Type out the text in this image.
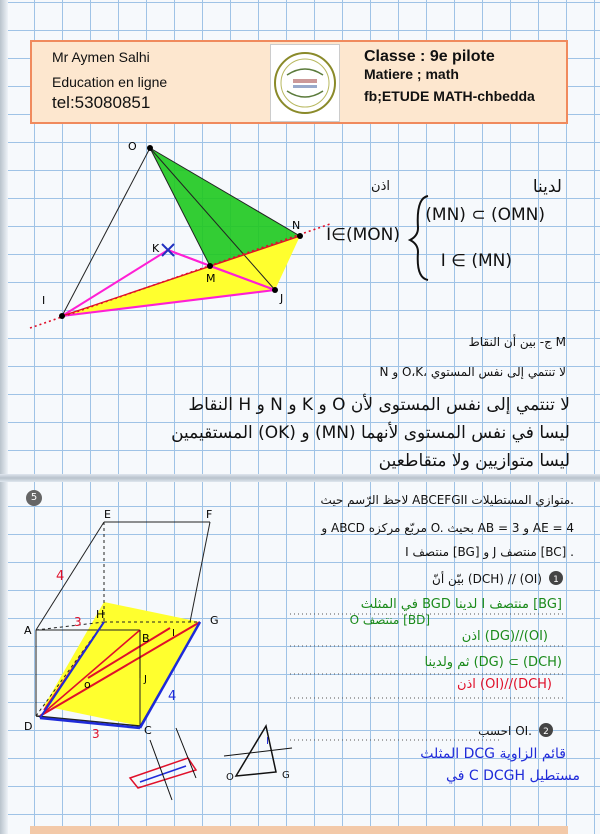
Mr Aymen Salhi
Education en ligne
tel:53080851
Classe : 9e pilote
Matiere ; math
fb;ETUDE MATH-chbedda
O
N
K
M
I	J
لدينا
(MN) ⊂ (OMN)
I ∈ (MN)
اذن
I∈(MON)
ج- بين أن النقاط M
N و O،K، لا تنتمي إلى نفس المستوي
النقاط H و N و K و O لا تنتمي إلى نفس المستوى لأن
المستقيمين (OK) و (MN) ليسا في نفس المستوى لأنهما
ليسا متوازيين ولا متقاطعين
5	لاحظ الرّسم حيث ABCEFGII متوازي المستطيلات.
و ABCD مربّع مركزه O. بحيث AB = 3 و AE = 4
I منتصف [BG] و J منتصف [BC] .
1
بيّن أنّ (DCH) // (OI)
في المثلث BGD لدينا I منتصف [BG]
O منتصف [BD]
اذن (DG)//(OI)
ثم ولدينا (DG) ⊂ (DCH)
اذن (OI)//(DCH)
2
احسب OI.
المثلث DCG قائم الزاوية
في C DCGH مستطيل
E	F
H	G
A
B
D	C
o
I
J
4
3
4
3
I
O	G
